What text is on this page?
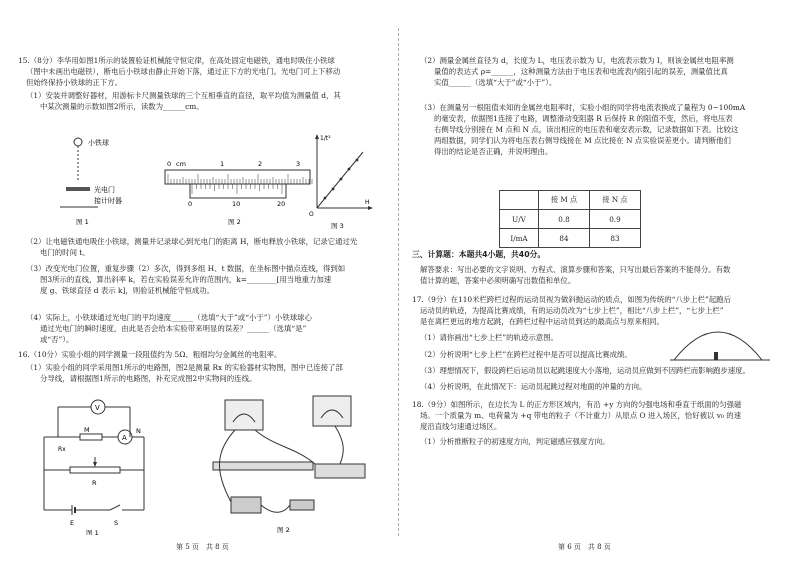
15.（8分）李华用如图1所示的装置验证机械能守恒定律，在高处固定电磁铁，通电时吸住小铁球
（图中未画出电磁铁），断电后小铁球由静止开始下落，通过正下方的光电门。光电门可上下移动
但始终保持小铁球的正下方。
（1）安装并调整好器材，用游标卡尺测量铁球的三个互相垂直的直径，取平均值为测量值 d，其
中某次测量的示数如图2所示，读数为______cm。
小铁球
光电门
接计时器
图 1
0 cm	1	2	3
0	10	20
图 2
1/t²
H
O
图 3
（2）让电磁铁通电吸住小铁球，测量并记录球心到光电门的距离 H，断电释放小铁球，记录它通过光
电门的时间 t。
（3）改变光电门位置，重复步骤（2）多次，得到多组 H、t 数据，在坐标图中描点连线，得到如
图3所示的直线，算出斜率 k，若在实验误差允许的范围内，k=________[用当地重力加速
度 g、铁球直径 d 表示 k]，则验证机械能守恒成功。
（4）实际上，小铁球通过光电门的平均速度______（选填“大于”或“小于”）小铁球球心
通过光电门的瞬时速度，由此是否会给本实验带来明显的误差？______（选填“是”
或“否”）。
16.（10分）实验小组的同学测量一段阻值约为 5Ω、粗细均匀金属丝的电阻率。
（1）实验小组的同学采用图1所示的电路图，图2是测量 Rx 的实验器材实物图，图中已连接了部
分导线，请根据图1所示的电路图，补充完成图2中实物间的连线。
V
M	N
A
Rx
R
E	S
图 1	图 2
第 5 页　共 8 页
（2）测量金属丝直径为 d，长度为 L，电压表示数为 U，电流表示数为 I，则该金属丝电阻率测
量值的表达式 ρ=______，这种测量方法由于电压表和电流表内阻引起的误差，测量值比真
实值______（选填“大于”或“小于”）。
（3）在测量另一根阻值未知的金属丝电阻率时，实验小组的同学将电流表换成了量程为 0~100mA
的毫安表，依据图1连接了电路，调整滑动变阻器 R 后保持 R 的阻值不变，然后，将电压表
右侧导线分别接在 M 点和 N 点，读出相应的电压表和毫安表示数，记录数据如下表。比较这
两组数据，同学们认为将电压表右侧导线接在 M 点比接在 N 点实验误差更小。请判断他们
得出的结论是否正确，并说明理由。
	接 M 点	接 N 点
U/V	0.8	0.9
I/mA	84	83
三、计算题：本题共4小题，共40分。
解答要求：写出必要的文字说明、方程式、演算步骤和答案，只写出最后答案的不能得分。有数
值计算的题，答案中必须明确写出数值和单位。
17.（9分）在110米栏跨栏过程的运动员视为做斜抛运动的质点，如图为传统的“八步上栏”起跑后
运动员的轨迹，为提高比赛成绩，有的运动员改为“七步上栏”，相比“八步上栏”，“七步上栏”
是在离栏更远的地方起跳，在跨栏过程中运动员到达的最高点与原来相同。
（1）请你画出“七步上栏”的轨迹示意图。
（2）分析说明“七步上栏”在跨栏过程中是否可以提高比赛成绩。
（3）理想情况下，假设跨栏后运动员以起跳速度大小落地，运动员应做到不因跨栏而影响跑步速度。
（4）分析说明，在此情况下：运动员起跳过程对地面的冲量的方向。
18.（9分）如图所示，在边长为 L 的正方形区域内，有沿 +y 方向的匀强电场和垂直于纸面的匀强磁
场。一个质量为 m、电荷量为 +q 带电的粒子（不计重力）从原点 O 进入场区，恰好被以 v₀ 的速
度沿直线匀速通过场区。
（1）分析推断粒子的初速度方向，判定磁感应强度方向。
第 6 页　共 8 页
